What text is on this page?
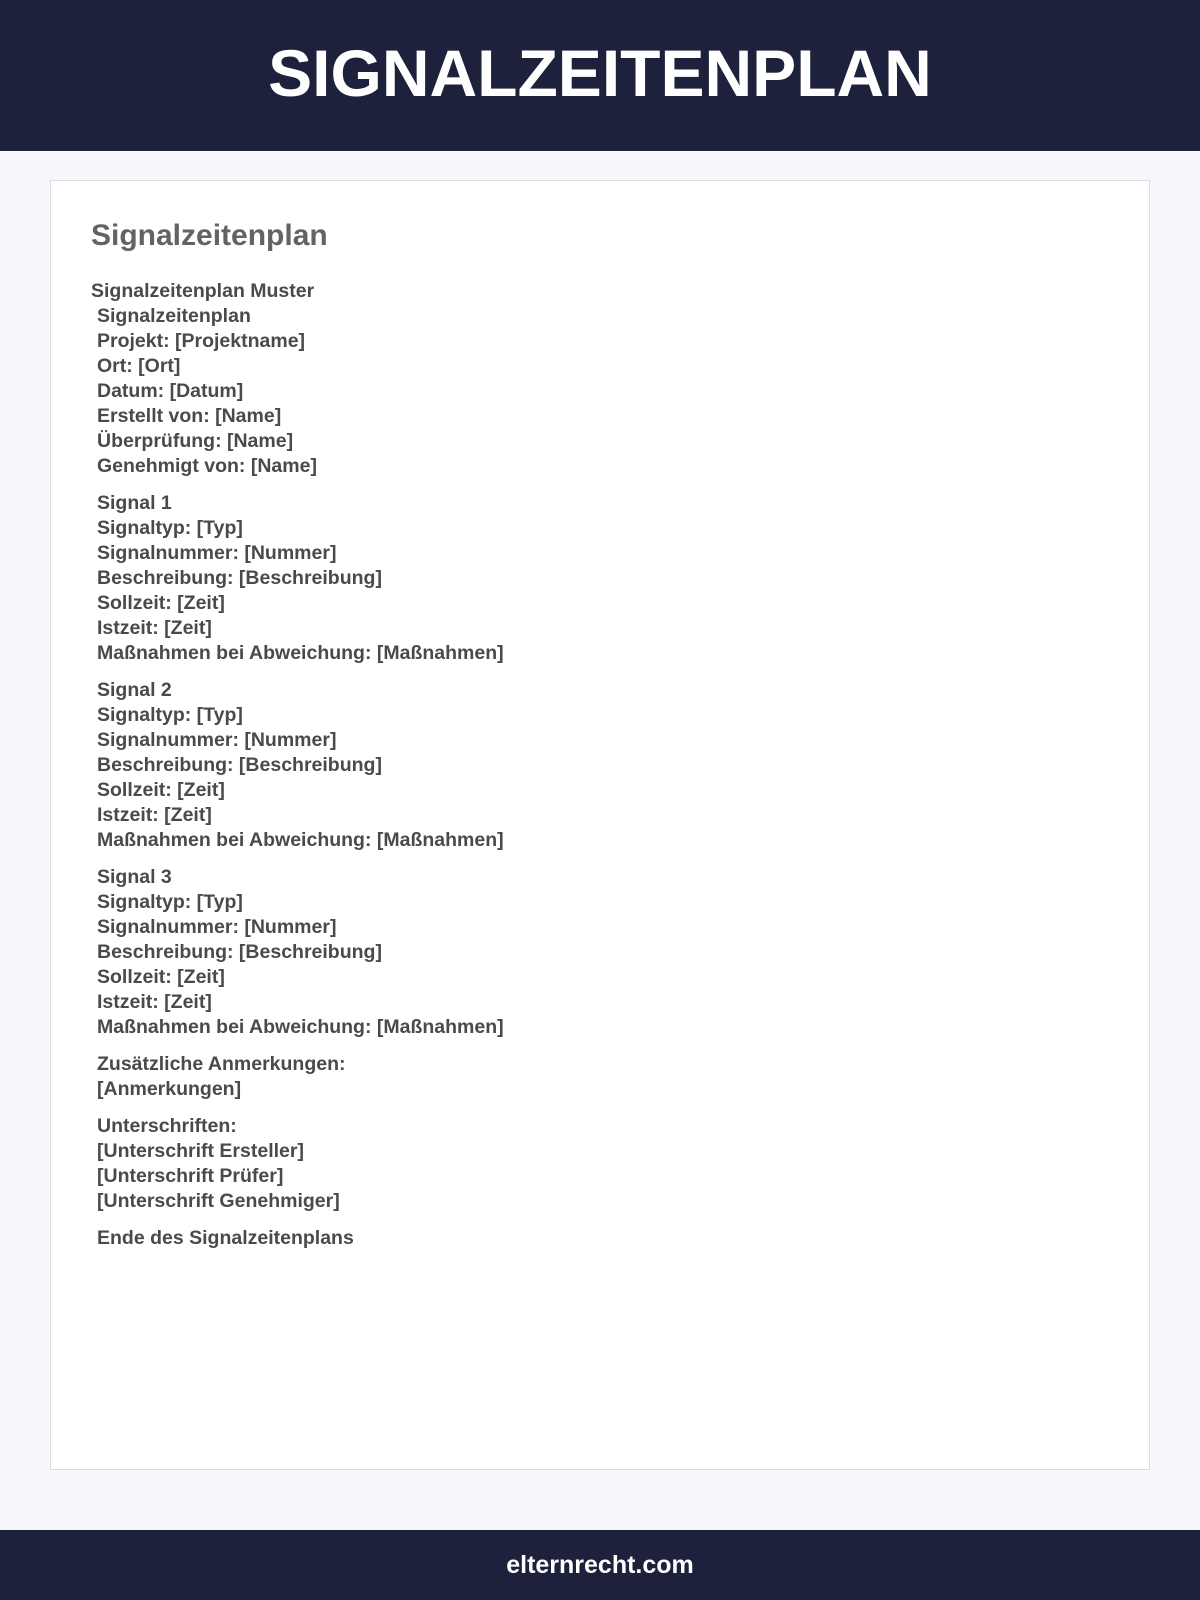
SIGNALZEITENPLAN
Signalzeitenplan
Signalzeitenplan Muster
Signalzeitenplan
Projekt: [Projektname]
Ort: [Ort]
Datum: [Datum]
Erstellt von: [Name]
Überprüfung: [Name]
Genehmigt von: [Name]
Signal 1
Signaltyp: [Typ]
Signalnummer: [Nummer]
Beschreibung: [Beschreibung]
Sollzeit: [Zeit]
Istzeit: [Zeit]
Maßnahmen bei Abweichung: [Maßnahmen]
Signal 2
Signaltyp: [Typ]
Signalnummer: [Nummer]
Beschreibung: [Beschreibung]
Sollzeit: [Zeit]
Istzeit: [Zeit]
Maßnahmen bei Abweichung: [Maßnahmen]
Signal 3
Signaltyp: [Typ]
Signalnummer: [Nummer]
Beschreibung: [Beschreibung]
Sollzeit: [Zeit]
Istzeit: [Zeit]
Maßnahmen bei Abweichung: [Maßnahmen]
Zusätzliche Anmerkungen:
[Anmerkungen]
Unterschriften:
[Unterschrift Ersteller]
[Unterschrift Prüfer]
[Unterschrift Genehmiger]
Ende des Signalzeitenplans
elternrecht.com
